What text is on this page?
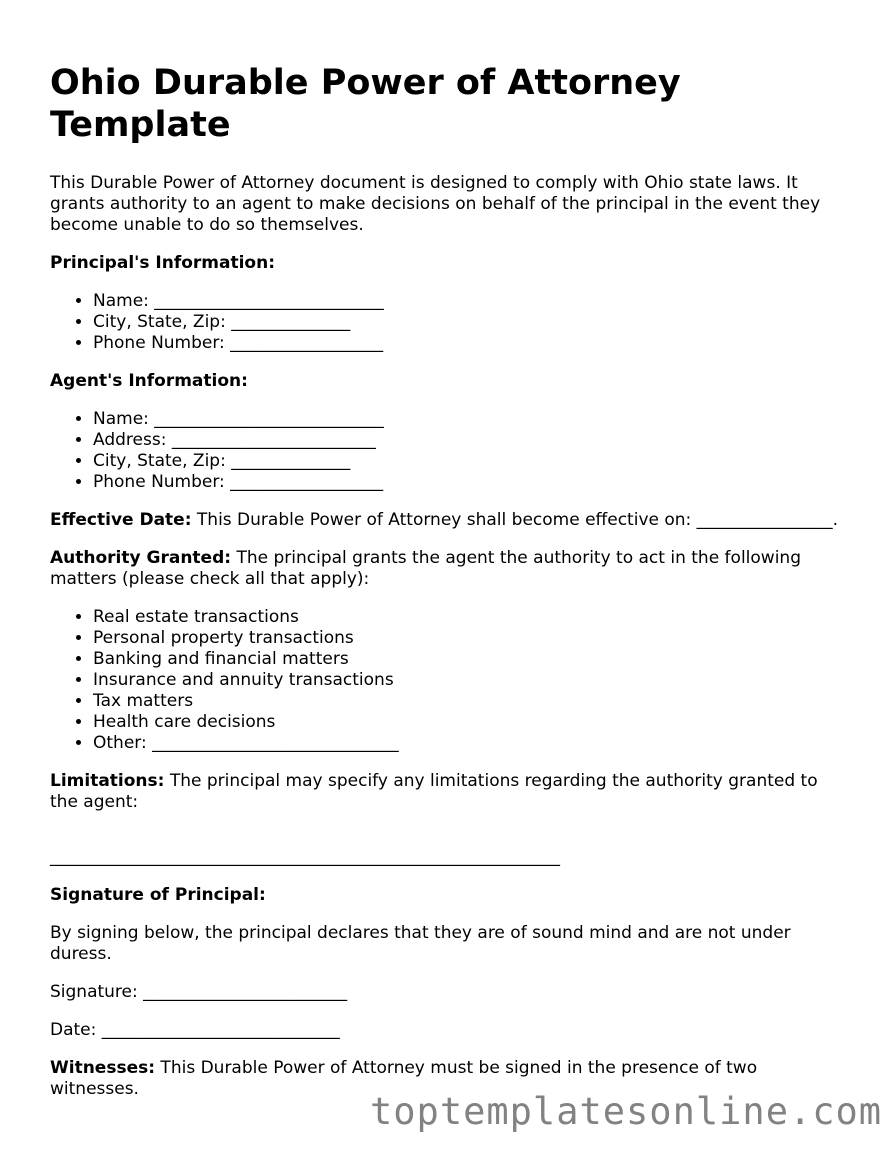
Ohio Durable Power of Attorney Template

This Durable Power of Attorney document is designed to comply with Ohio state laws. It grants authority to an agent to make decisions on behalf of the principal in the event they become unable to do so themselves.

Principal's Information:
• Name: ___________________________
• City, State, Zip: ______________
• Phone Number: __________________
Agent's Information:
• Name: ___________________________
• Address: ________________________
• City, State, Zip: ______________
• Phone Number: __________________

Effective Date: This Durable Power of Attorney shall become effective on: ________________.

Authority Granted: The principal grants the agent the authority to act in the following matters (please check all that apply):

• Real estate transactions
• Personal property transactions
• Banking and financial matters
• Insurance and annuity transactions
• Tax matters
• Health care decisions
• Other: _____________________________

Limitations: The principal may specify any limitations regarding the authority granted to the agent:

____________________________________________________________
Signature of Principal:

By signing below, the principal declares that they are of sound mind and are not under duress.

Signature: ________________________

Date: ____________________________

Witnesses: This Durable Power of Attorney must be signed in the presence of two witnesses.

toptemplatesonline.com
